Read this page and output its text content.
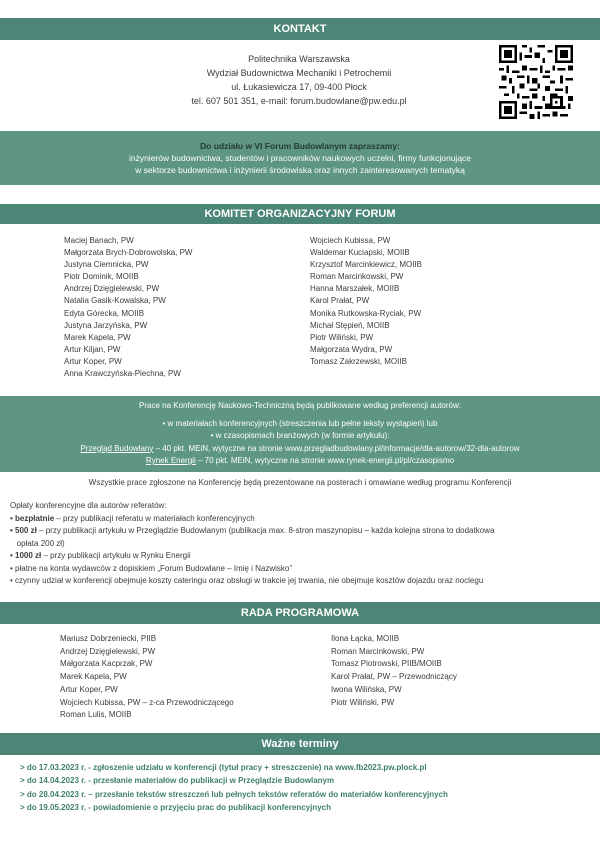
KONTAKT
Politechnika Warszawska
Wydział Budownictwa Mechaniki i Petrochemii
ul. Łukasiewicza 17, 09-400 Płock
tel. 607 501 351, e-mail: forum.budowlane@pw.edu.pl
Do udziału w VI Forum Budowlanym zapraszamy:
inżynierów budownictwa, studentów i pracowników naukowych uczelni, firmy funkcjonujące
w sektorze budownictwa i inżynierii środowiska oraz innych zainteresowanych tematyką
KOMITET ORGANIZACYJNY FORUM
Maciej Banach, PW
Małgorzata Brych-Dobrowolska, PW
Justyna Ciemnicka, PW
Piotr Dominik, MOIIB
Andrzej Dzięgielewski, PW
Natalia Gasik-Kowalska, PW
Edyta Górecka, MOIIB
Justyna Jarzyńska, PW
Marek Kapela, PW
Artur Kiljan, PW
Artur Koper, PW
Anna Krawczyńska-Piechna, PW
Wojciech Kubissa, PW
Waldemar Kuciapski, MOIIB
Krzysztof Marcinkiewicz, MOIIB
Roman Marcinkowski, PW
Hanna Marszałek, MOIIB
Karol Prałat, PW
Monika Rutkowska-Ryciak, PW
Michał Stępień, MOIIB
Piotr Wiliński, PW
Małgorzata Wydra, PW
Tomasz Zakrzewski, MOIIB
Prace na Konferencję Naukowo-Techniczną będą publikowane według preferencji autorów:
• w materiałach konferencyjnych (streszczenia lub pełne teksty wystąpień) lub
• w czasopismach branżowych (w formie artykułu):
Przegląd Budowlany – 40 pkt. MEiN, wytyczne na stronie www.przegladbudowlany.pl/informacje/dla-autorow/32-dla-autorow
Rynek Energii – 70 pkt. MEiN, wytyczne na stronie www.rynek-energii.pl/pl/czasopismo
Wszystkie prace zgłoszone na Konferencję będą prezentowane na posterach i omawiane według programu Konferencji
Opłaty konferencyjne dla autorów referatów:
• bezpłatnie – przy publikacji referatu w materiałach konferencyjnych
• 500 zł – przy publikacji artykułu w Przeglądzie Budowlanym (publikacja max. 8-stron maszynopisu – każda kolejna strona to dodatkowa
opłata 200 zł)
• 1000 zł – przy publikacji artykułu w Rynku Energii
• płatne na konta wydawców z dopiskiem „Forum Budowlane – Imię i Nazwisko”
• czynny udział w konferencji obejmuje koszty cateringu oraz obsługi w trakcie jej trwania, nie obejmuje kosztów dojazdu oraz noclegu
RADA PROGRAMOWA
Mariusz Dobrzeniecki, PIIB
Andrzej Dzięgielewski, PW
Małgorzata Kacprzak, PW
Marek Kapela, PW
Artur Koper, PW
Wojciech Kubissa, PW – z-ca Przewodniczącego
Roman Lulis, MOIIB
Ilona Łącka, MOIIB
Roman Marcinkowski, PW
Tomasz Piotrowski, PIIB/MOIIB
Karol Prałat, PW – Przewodniczący
Iwona Wilińska, PW
Piotr Wiliński, PW
Ważne terminy
> do 17.03.2023 r. - zgłoszenie udziału w konferencji (tytuł pracy + streszczenie) na www.fb2023.pw.plock.pl
> do 14.04.2023 r. - przesłanie materiałów do publikacji w Przeglądzie Budowlanym
> do 28.04.2023 r. – przesłanie tekstów streszczeń lub pełnych tekstów referatów do materiałów konferencyjnych
> do 19.05.2023 r. - powiadomienie o przyjęciu prac do publikacji konferencyjnych
